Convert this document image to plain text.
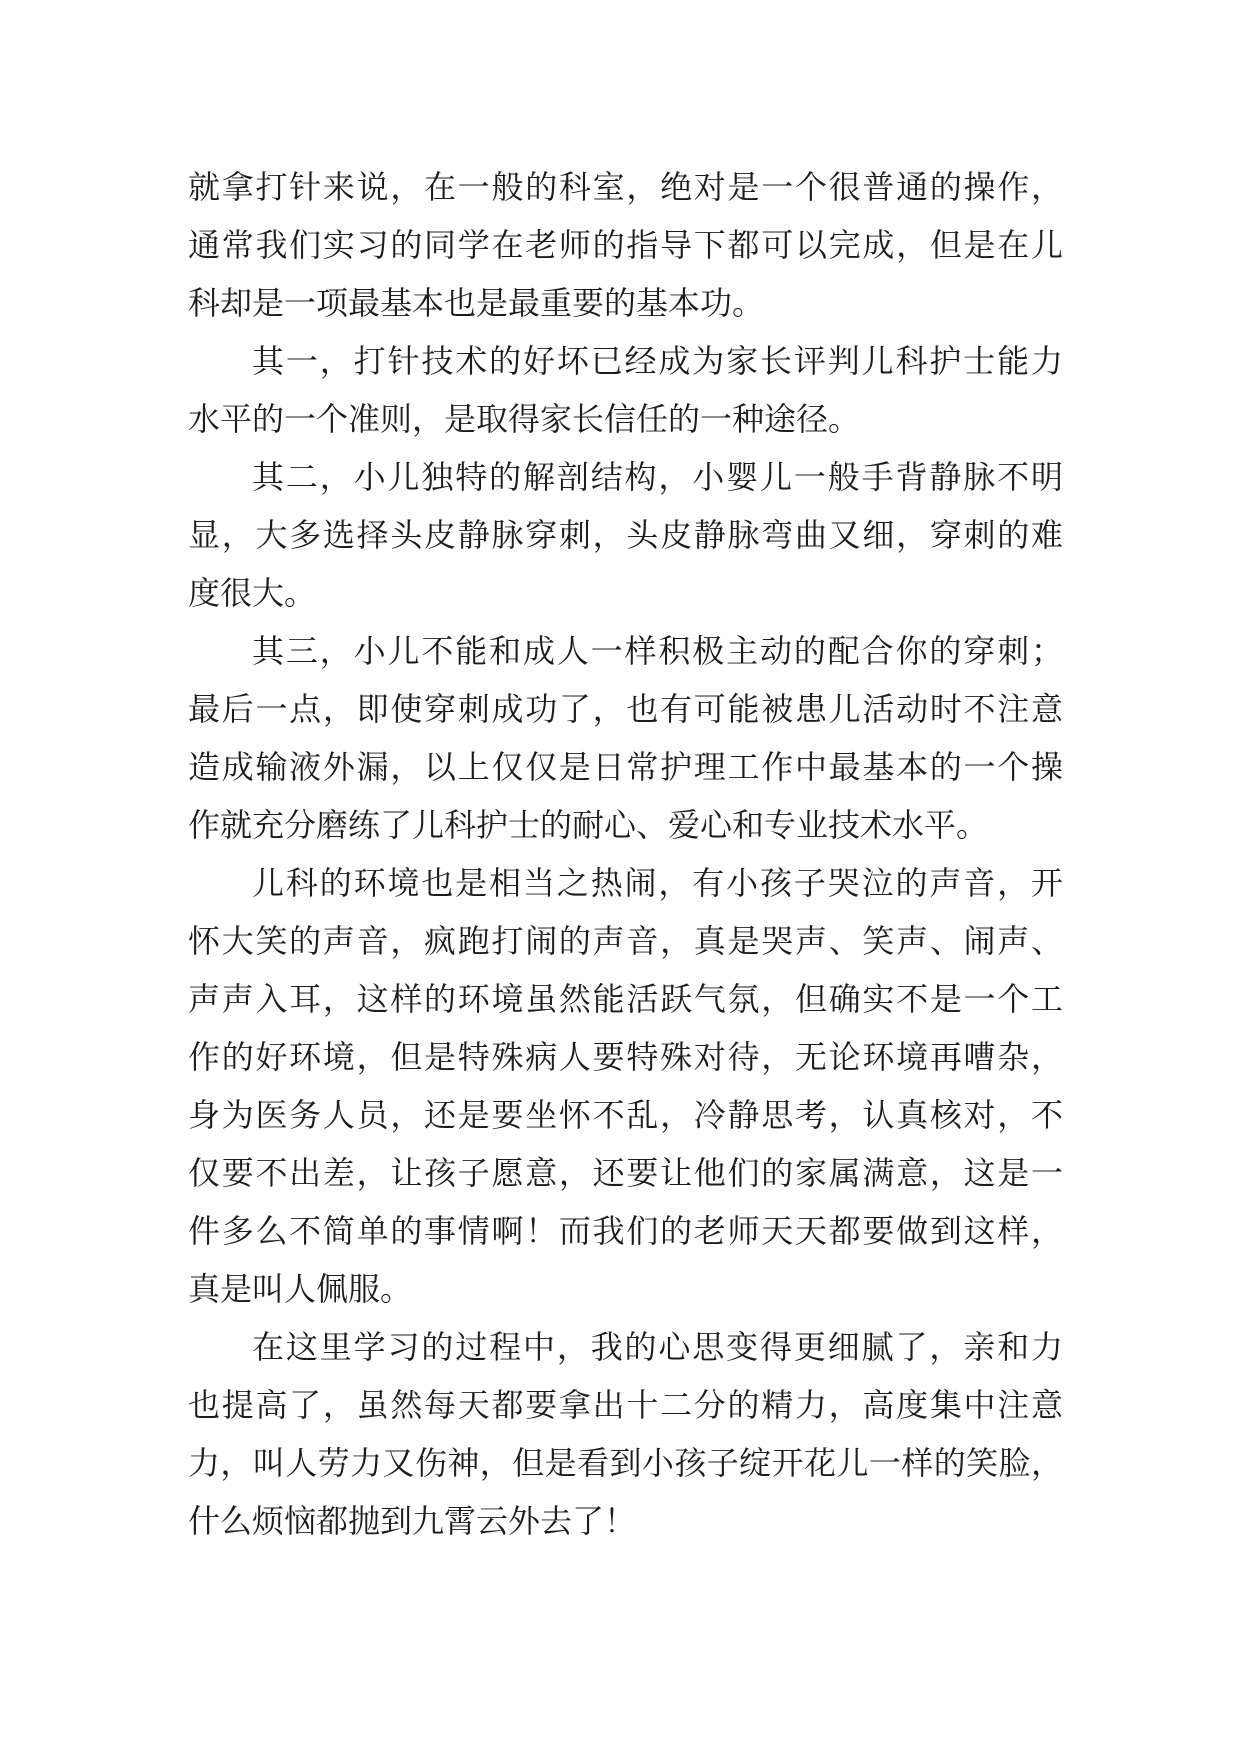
就拿打针来说，在一般的科室，绝对是一个很普通的操作，
通常我们实习的同学在老师的指导下都可以完成，但是在儿
科却是一项最基本也是最重要的基本功。
其一，打针技术的好坏已经成为家长评判儿科护士能力
水平的一个准则，是取得家长信任的一种途径。
其二，小儿独特的解剖结构，小婴儿一般手背静脉不明
显，大多选择头皮静脉穿刺，头皮静脉弯曲又细，穿刺的难
度很大。
其三，小儿不能和成人一样积极主动的配合你的穿刺；
最后一点，即使穿刺成功了，也有可能被患儿活动时不注意
造成输液外漏，以上仅仅是日常护理工作中最基本的一个操
作就充分磨练了儿科护士的耐心、爱心和专业技术水平。
儿科的环境也是相当之热闹，有小孩子哭泣的声音，开
怀大笑的声音，疯跑打闹的声音，真是哭声、笑声、闹声、
声声入耳，这样的环境虽然能活跃气氛，但确实不是一个工
作的好环境，但是特殊病人要特殊对待，无论环境再嘈杂，
身为医务人员，还是要坐怀不乱，冷静思考，认真核对，不
仅要不出差，让孩子愿意，还要让他们的家属满意，这是一
件多么不简单的事情啊！而我们的老师天天都要做到这样，
真是叫人佩服。
在这里学习的过程中，我的心思变得更细腻了，亲和力
也提高了，虽然每天都要拿出十二分的精力，高度集中注意
力，叫人劳力又伤神，但是看到小孩子绽开花儿一样的笑脸，
什么烦恼都抛到九霄云外去了！
